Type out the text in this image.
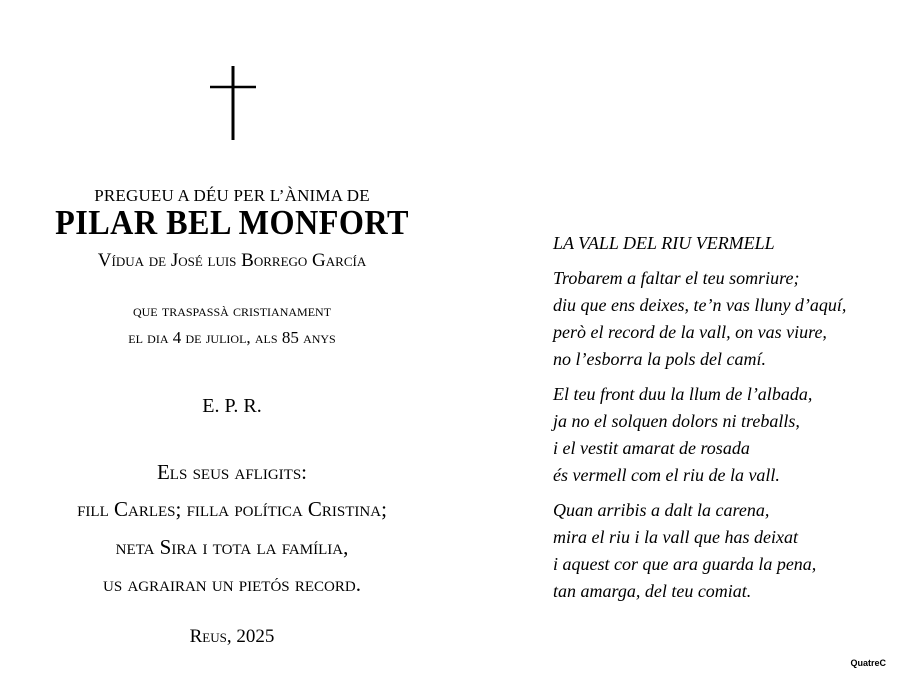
PREGUEU A DÉU PER L’ÀNIMA DE
PILAR BEL MONFORT
Vídua de José luis Borrego García
que traspassà cristianament
el dia 4 de juliol, als 85 anys
E. P. R.
Els seus afligits:
fill Carles; filla política Cristina;
neta Sira i tota la família,
us agrairan un pietós record.
Reus, 2025
LA VALL DEL RIU VERMELL
Trobarem a faltar el teu somriure;
diu que ens deixes, te’n vas lluny d’aquí,
però el record de la vall, on vas viure,
no l’esborra la pols del camí.
El teu front duu la llum de l’albada,
ja no el solquen dolors ni treballs,
i el vestit amarat de rosada
és vermell com el riu de la vall.
Quan arribis a dalt la carena,
mira el riu i la vall que has deixat
i aquest cor que ara guarda la pena,
tan amarga, del teu comiat.
QuatreC
